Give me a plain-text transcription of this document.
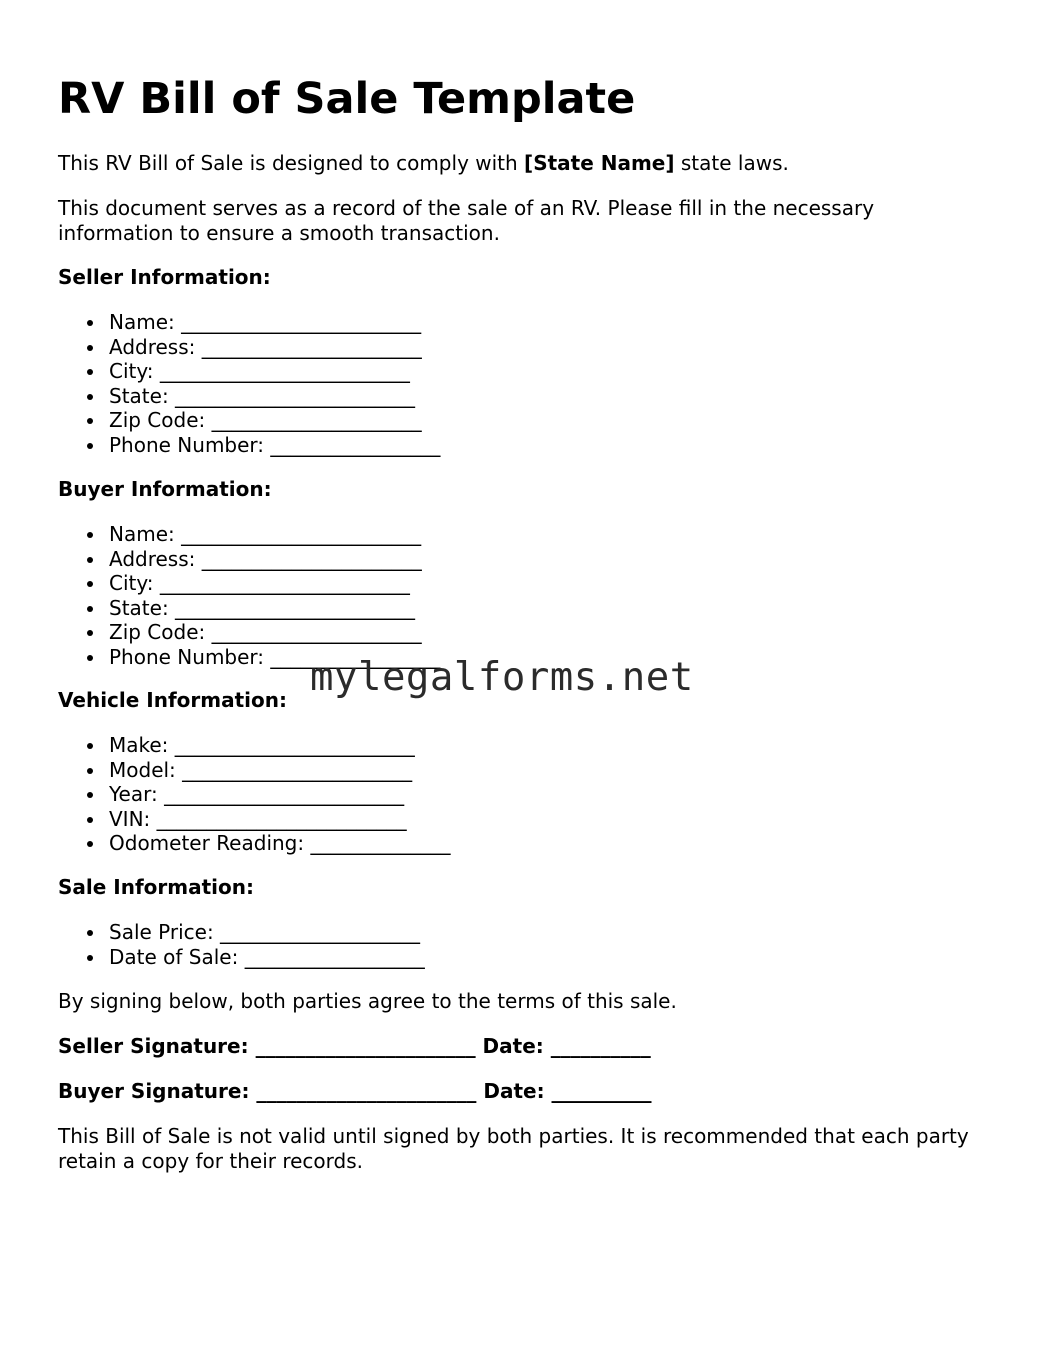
RV Bill of Sale Template

This RV Bill of Sale is designed to comply with [State Name] state laws.

This document serves as a record of the sale of an RV. Please fill in the necessary information to ensure a smooth transaction.

Seller Information:

Name: ________________________
Address: ______________________
City: _________________________
State: ________________________
Zip Code: _____________________
Phone Number: _________________

Buyer Information:

Name: ________________________
Address: ______________________
City: _________________________
State: ________________________
Zip Code: _____________________
Phone Number: _________________

Vehicle Information:

Make: ________________________
Model: _______________________
Year: ________________________
VIN: _________________________
Odometer Reading: ______________

Sale Information:

Sale Price: ____________________
Date of Sale: __________________

By signing below, both parties agree to the terms of this sale.

Seller Signature: ______________________ Date: __________

Buyer Signature: ______________________ Date: __________

This Bill of Sale is not valid until signed by both parties. It is recommended that each party retain a copy for their records.

mylegalforms.net
